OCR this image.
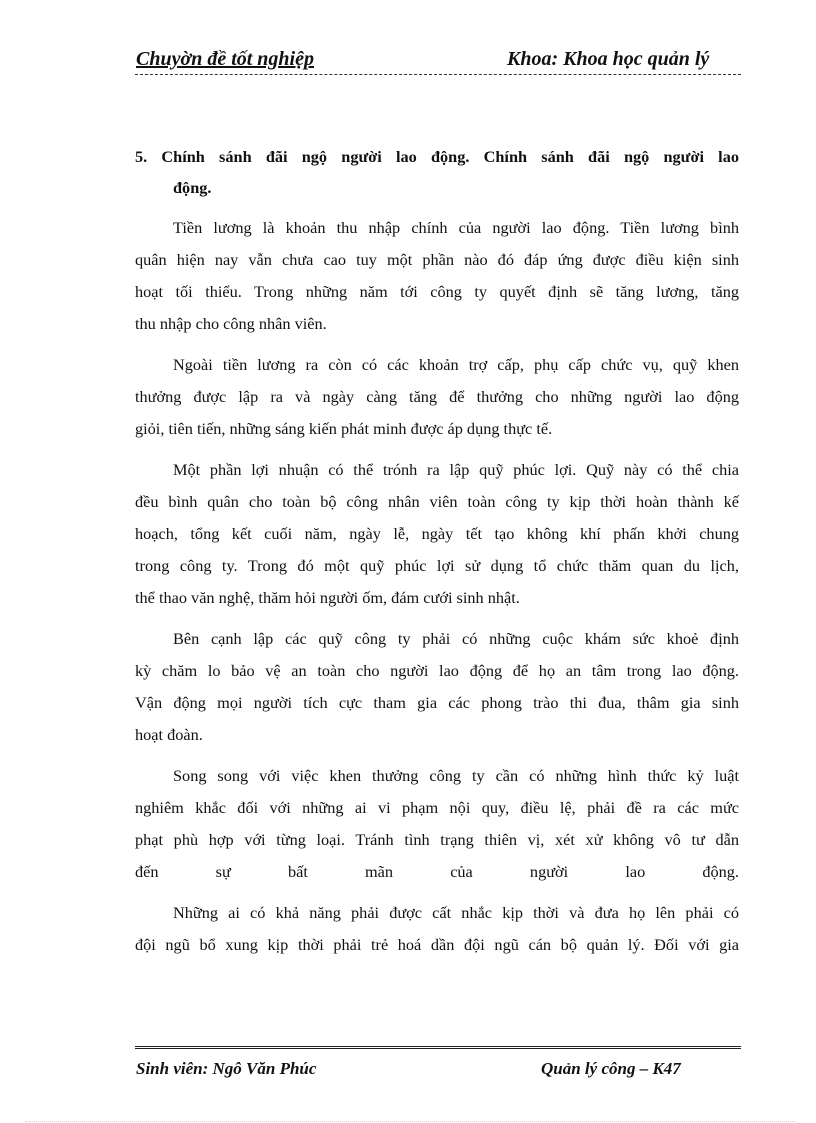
Chuyờn đề tốt nghiệp	Khoa: Khoa học quản lý
5. Chính sánh đãi ngộ người lao động. Chính sánh đãi ngộ người lao
động.
Tiền lương là khoản thu nhập chính của người lao động. Tiền lương bình
quân hiện nay vẫn chưa cao tuy một phần nào đó đáp ứng được điều kiện sinh
hoạt tối thiểu. Trong những năm tới công ty quyết định sẽ tăng lương, tăng
thu nhập cho công nhân viên.
Ngoài tiền lương ra còn có các khoản trợ cấp, phụ cấp chức vụ, quỹ khen
thưởng được lập ra và ngày càng tăng để thưởng cho những người lao động
giỏi, tiên tiến, những sáng kiến phát minh được áp dụng thực tế.
Một phần lợi nhuận có thể trónh ra lập quỹ phúc lợi. Quỹ này có thể chia
đều bình quân cho toàn bộ công nhân viên toàn công ty kịp thời hoàn thành kế
hoạch, tổng kết cuối năm, ngày lễ, ngày tết tạo không khí phấn khởi chung
trong công ty. Trong đó một quỹ phúc lợi sử dụng tổ chức thăm quan du lịch,
thể thao văn nghệ, thăm hỏi người ốm, đám cưới sinh nhật.
Bên cạnh lập các quỹ công ty phải có những cuộc khám sức khoẻ định
kỳ chăm lo bảo vệ an toàn cho người lao động để họ an tâm trong lao động.
Vận động mọi người tích cực tham gia các phong trào thi đua, thâm gia sinh
hoạt đoàn.
Song song với việc khen thưởng công ty cần có những hình thức kỷ luật
nghiêm khắc đối với những ai vi phạm nội quy, điều lệ, phải đề ra các mức
phạt phù hợp với từng loại. Tránh tình trạng thiên vị, xét xử không vô tư dẫn
đến sự bất mãn của người lao động.
Những ai có khả năng phải được cất nhắc kịp thời và đưa họ lên phải có
đội ngũ bổ xung kịp thời phải trẻ hoá dần đội ngũ cán bộ quản lý. Đối với gia
Sinh viên: Ngô Văn Phúc	Quản lý công – K47
